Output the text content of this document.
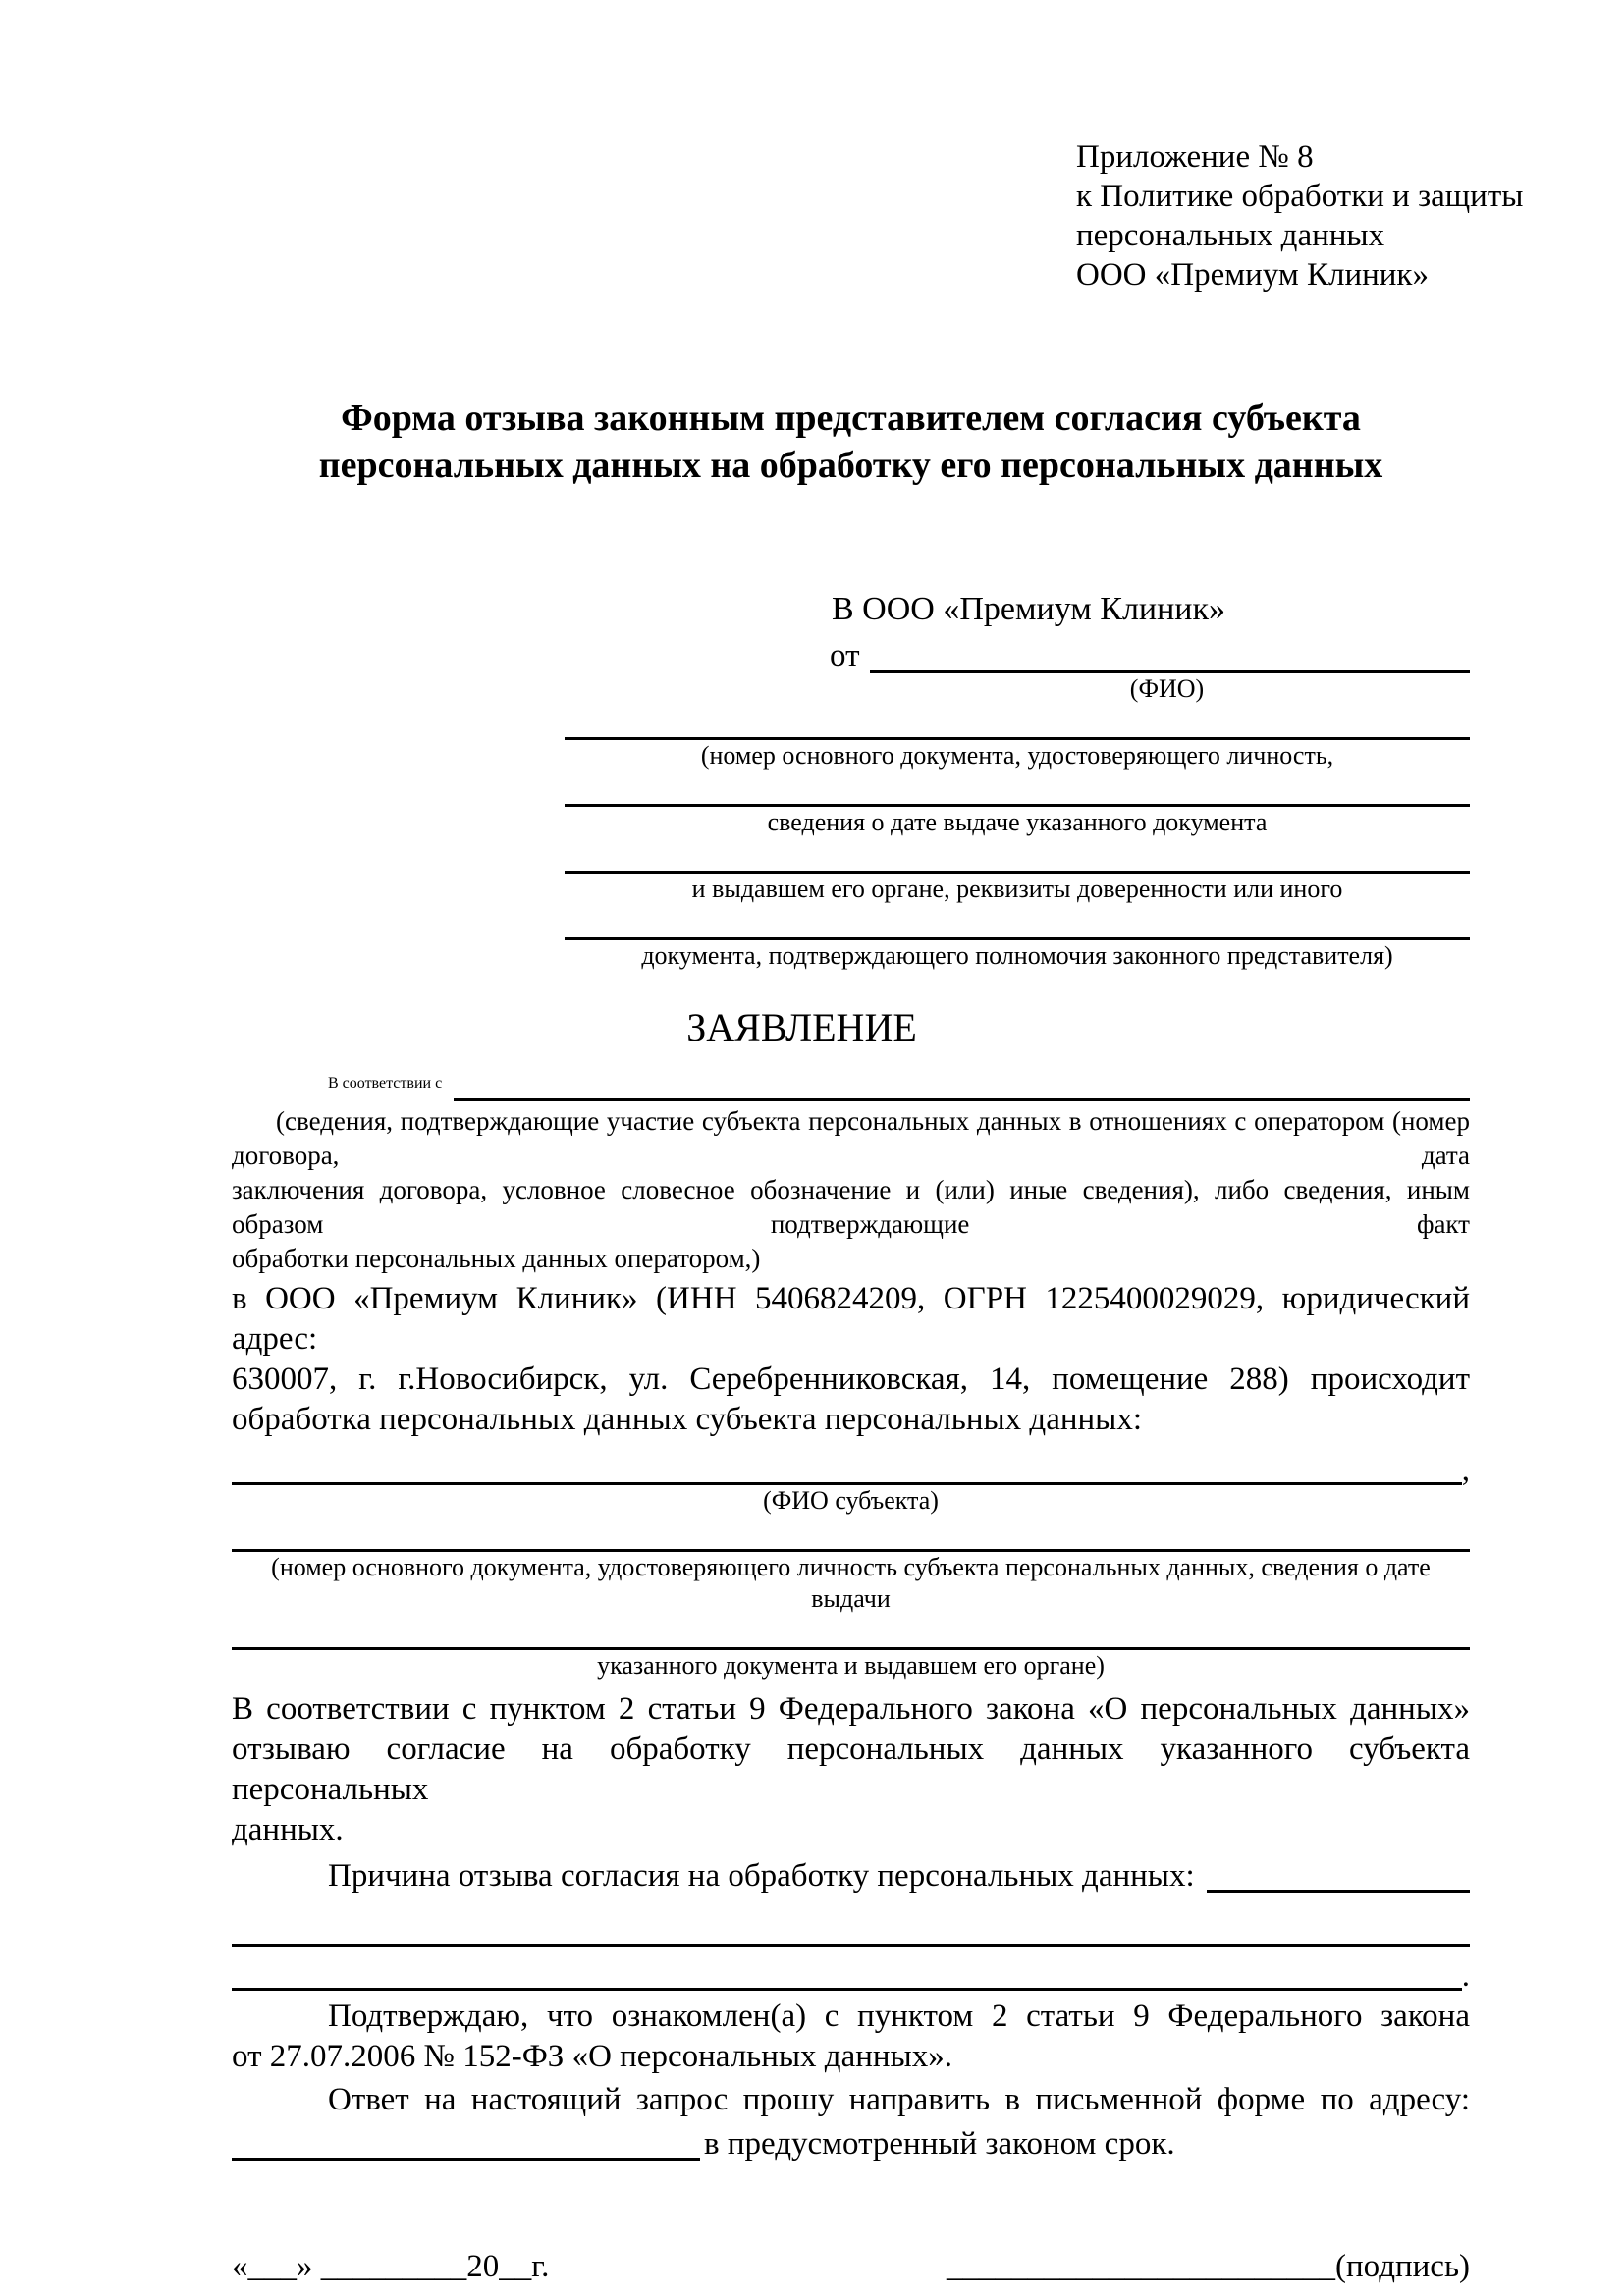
Приложение № 8
к Политике обработки и защиты
персональных данных
ООО «Премиум Клиник»
Форма отзыва законным представителем согласия субъекта
персональных данных на обработку его персональных данных
В ООО «Премиум Клиник»
от
(ФИО)
(номер основного документа, удостоверяющего личность,
сведения о дате выдаче указанного документа
и выдавшем его органе, реквизиты доверенности или иного
документа, подтверждающего полномочия законного представителя)
ЗАЯВЛЕНИЕ
В соответствии с
(сведения, подтверждающие участие субъекта персональных данных в отношениях с оператором (номер договора, дата
заключения договора, условное словесное обозначение и (или) иные сведения), либо сведения, иным образом подтверждающие факт
обработки персональных данных оператором,)
в ООО «Премиум Клиник» (ИНН 5406824209, ОГРН 1225400029029, юридический адрес:
630007, г. г.Новосибирск, ул. Серебренниковская, 14, помещение 288) происходит
обработка персональных данных субъекта персональных данных:
,
(ФИО субъекта)
(номер основного документа, удостоверяющего личность субъекта персональных данных, сведения о дате выдачи
указанного документа и выдавшем его органе)
В соответствии с пунктом 2 статьи 9 Федерального закона «О персональных данных»
отзываю согласие на обработку персональных данных указанного субъекта персональных
данных.
Причина отзыва согласия на обработку персональных данных:
.
Подтверждаю, что ознакомлен(а) с пунктом 2 статьи 9 Федерального закона
от 27.07.2006 № 152-ФЗ «О персональных данных».
Ответ на настоящий запрос прошу направить в письменной форме по адресу:
в предусмотренный законом срок.
«___» _________20__г.	________________________(подпись)
